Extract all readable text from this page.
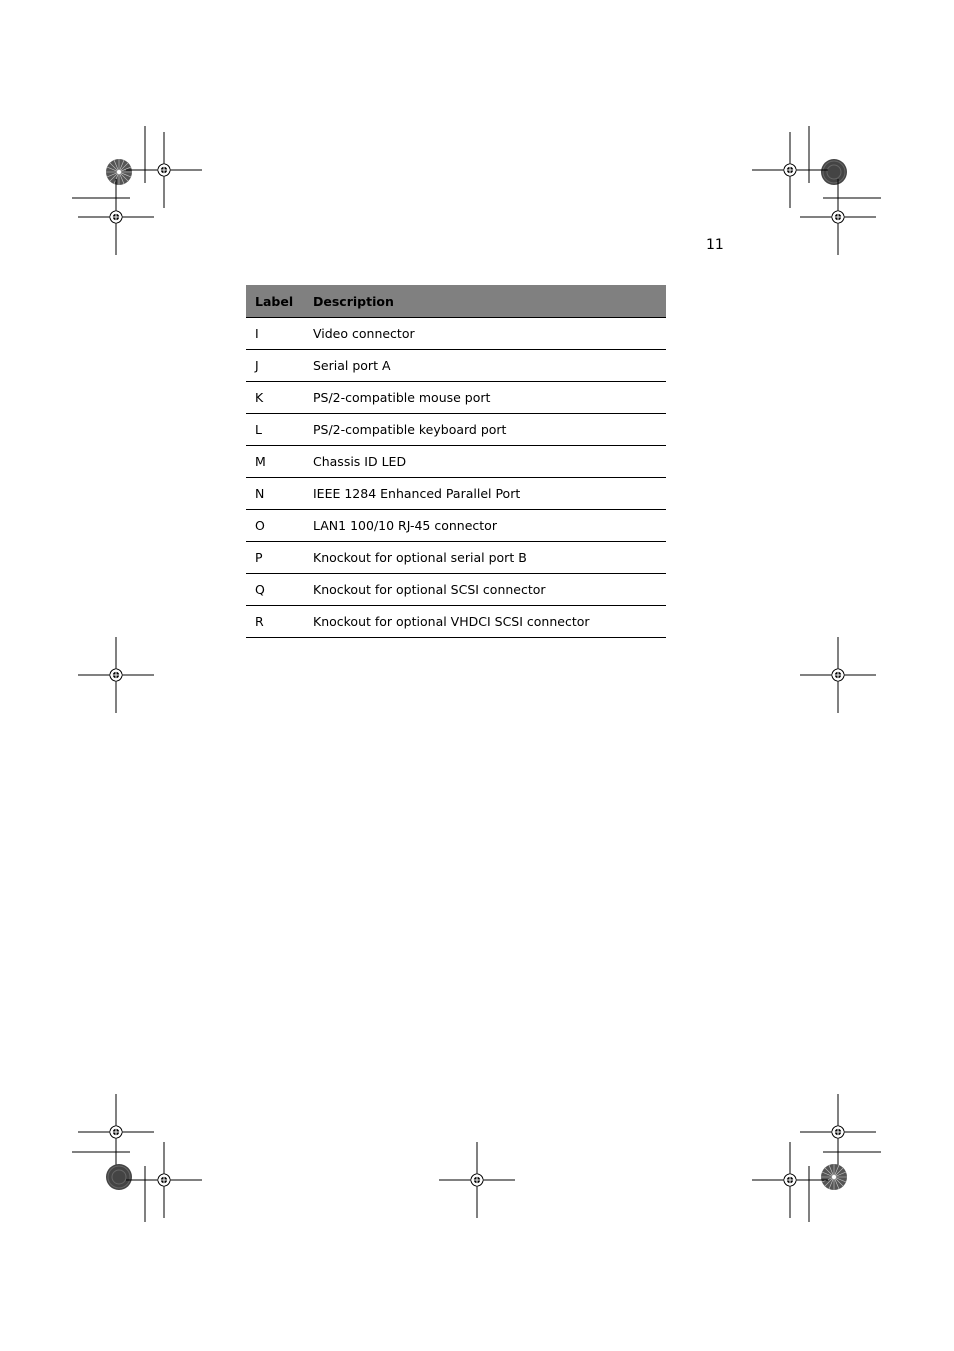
11
Label	Description
I	Video connector
J	Serial port A
K	PS/2-compatible mouse port
L	PS/2-compatible keyboard port
M	Chassis ID LED
N	IEEE 1284 Enhanced Parallel Port
O	LAN1 100/10 RJ-45 connector
P	Knockout for optional serial port B
Q	Knockout for optional SCSI connector
R	Knockout for optional VHDCI SCSI connector
